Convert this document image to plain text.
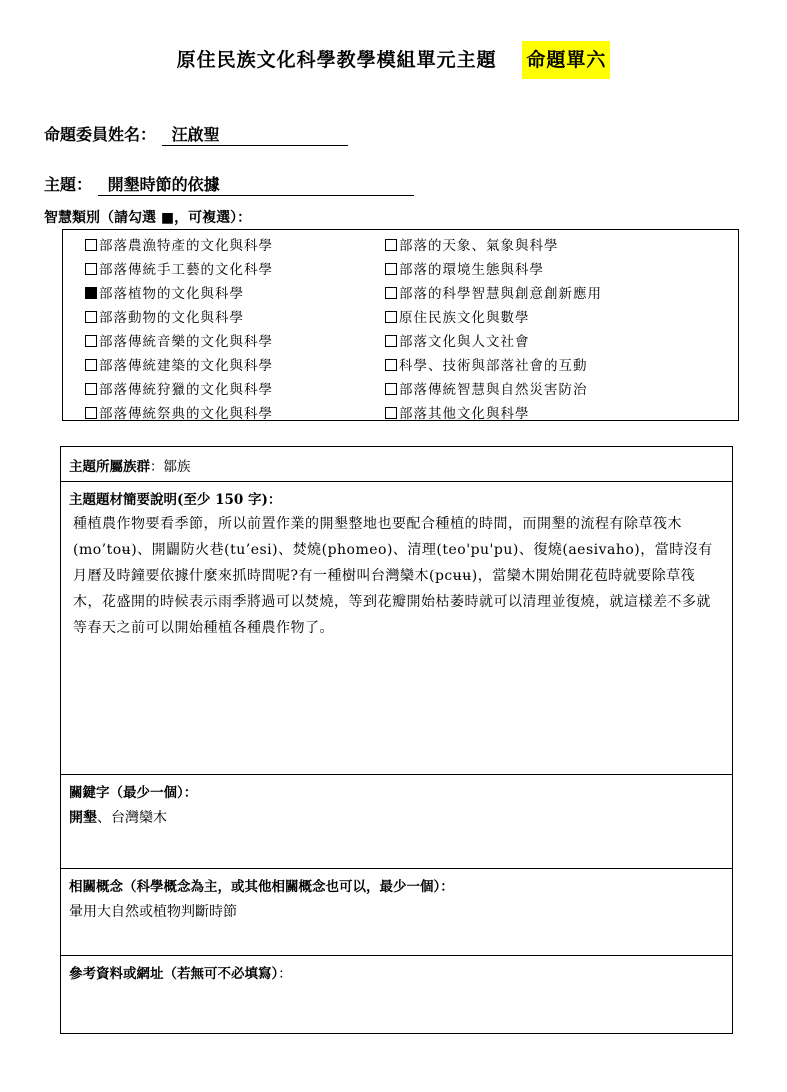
原住民族文化科學教學模組單元主題 命題單六
命題委員姓名： 汪啟聖
主題： 開墾時節的依據
智慧類別（請勾選 ■，可複選）：
部落農漁特產的文化與科學
部落傳統手工藝的文化科學
部落植物的文化與科學
部落動物的文化與科學
部落傳統音樂的文化與科學
部落傳統建築的文化與科學
部落傳統狩獵的文化與科學
部落傳統祭典的文化與科學
部落的天象、氣象與科學
部落的環境生態與科學
部落的科學智慧與創意創新應用
原住民族文化與數學
部落文化與人文社會
科學、技術與部落社會的互動
部落傳統智慧與自然災害防治
部落其他文化與科學
主題所屬族群：鄒族
主題題材簡要說明(至少 150 字)：
種植農作物要看季節，所以前置作業的開墾整地也要配合種植的時間，而開墾的流程有除草筏木(mo’toʉ)、開闢防火巷(tu’esi)、焚燒(phomeo)、清理(teo'pu'pu)、復燒(aesivaho)，當時沒有月曆及時鐘要依據什麼來抓時間呢?有一種樹叫台灣欒木(pcʉʉ)，當欒木開始開花苞時就要除草筏木，花盛開的時候表示雨季將過可以焚燒，等到花瓣開始枯萎時就可以清理並復燒，就這樣差不多就等春天之前可以開始種植各種農作物了。
關鍵字（最少一個）：
開墾、台灣欒木
相關概念（科學概念為主，或其他相關概念也可以，最少一個）：
暈用大自然或植物判斷時節
參考資料或網址（若無可不必填寫）：
